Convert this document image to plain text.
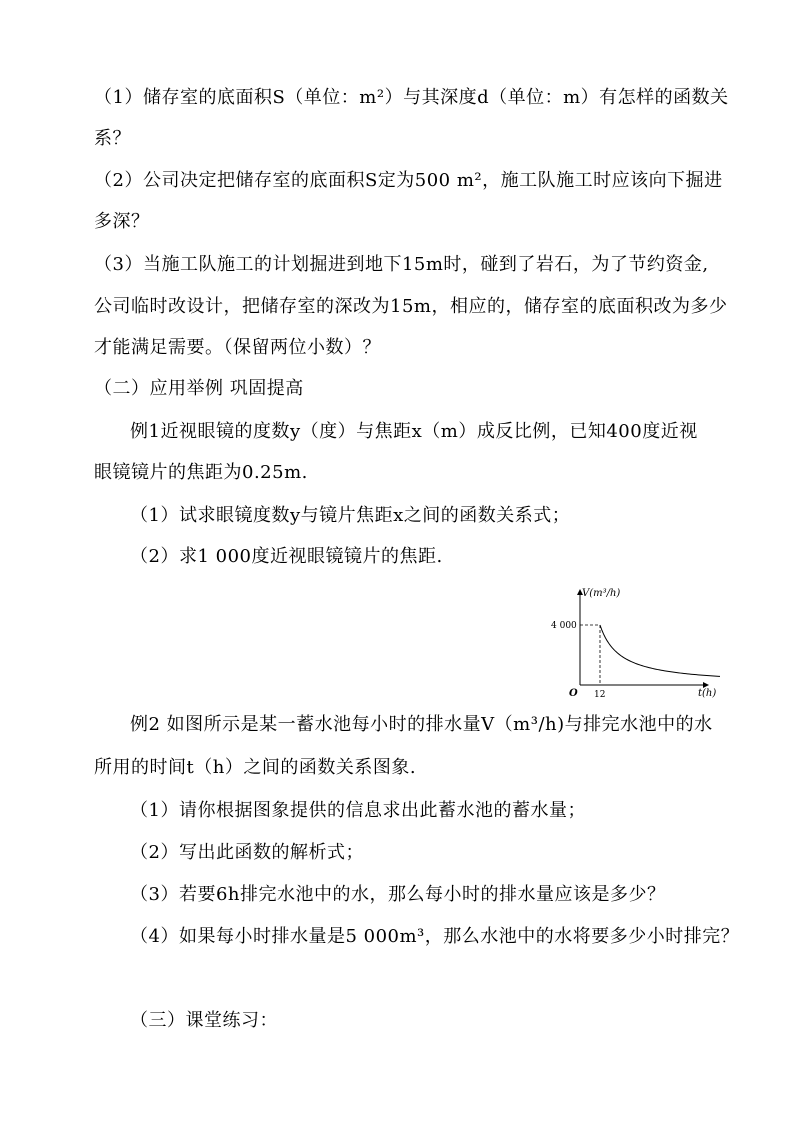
（1）储存室的底面积S（单位：m²）与其深度d（单位：m）有怎样的函数关
系？
（2）公司决定把储存室的底面积S定为500 m²，施工队施工时应该向下掘进
多深？
（3）当施工队施工的计划掘进到地下15m时，碰到了岩石，为了节约资金,
公司临时改设计，把储存室的深改为15m，相应的，储存室的底面积改为多少
才能满足需要。（保留两位小数）？
（二）应用举例 巩固提高
例1近视眼镜的度数y（度）与焦距x（m）成反比例，已知400度近视
眼镜镜片的焦距为0.25m.
（1）试求眼镜度数y与镜片焦距x之间的函数关系式；
（2）求1 000度近视眼镜镜片的焦距.
V(m³/h)
t(h)
O
4 000
12
例2 如图所示是某一蓄水池每小时的排水量V（m³/h)与排完水池中的水
所用的时间t（h）之间的函数关系图象.
（1）请你根据图象提供的信息求出此蓄水池的蓄水量；
（2）写出此函数的解析式；
（3）若要6h排完水池中的水，那么每小时的排水量应该是多少？
（4）如果每小时排水量是5 000m³，那么水池中的水将要多少小时排完？
（三）课堂练习：
